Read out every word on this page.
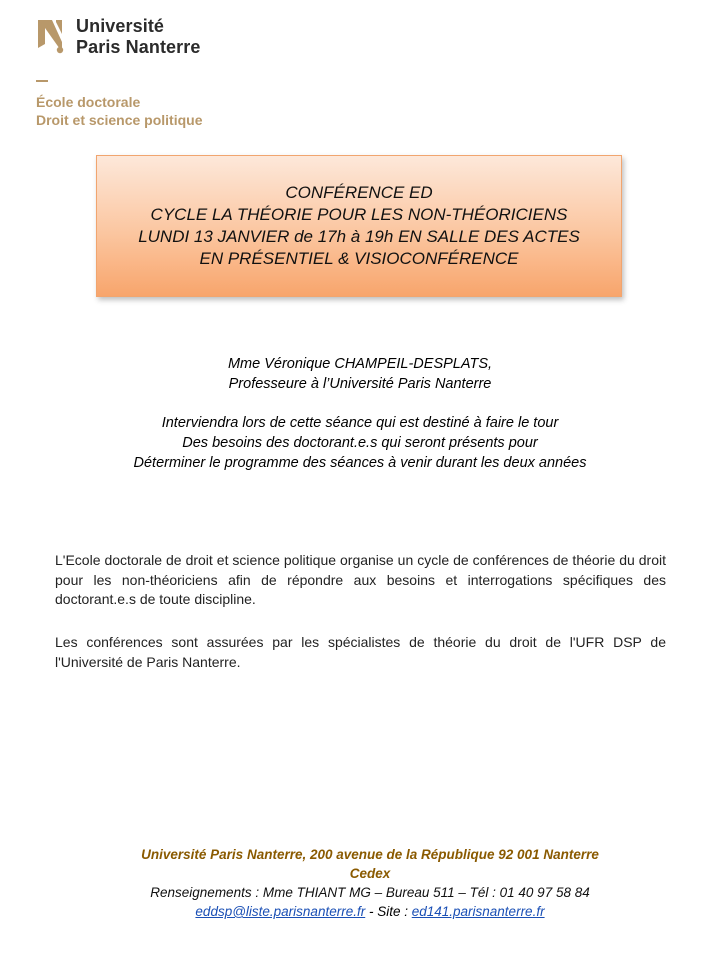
Université
Paris Nanterre
École doctorale
Droit et science politique
CONFÉRENCE ED
CYCLE LA THÉORIE POUR LES NON-THÉORICIENS
LUNDI 13 JANVIER de 17h à 19h EN SALLE DES ACTES
EN PRÉSENTIEL & VISIOCONFÉRENCE
Mme Véronique CHAMPEIL-DESPLATS,
Professeure à l’Université Paris Nanterre
Interviendra lors de cette séance qui est destiné à faire le tour
Des besoins des doctorant.e.s qui seront présents pour
Déterminer le programme des séances à venir durant les deux années
L'Ecole doctorale de droit et science politique organise un cycle de conférences de théorie du droit pour les non-théoriciens afin de répondre aux besoins et interrogations spécifiques des doctorant.e.s de toute discipline.
Les conférences sont assurées par les spécialistes de théorie du droit de l'UFR DSP de l'Université de Paris Nanterre.
Université Paris Nanterre, 200 avenue de la République 92 001 Nanterre
Cedex
Renseignements : Mme THIANT MG – Bureau 511 – Tél : 01 40 97 58 84
eddsp@liste.parisnanterre.fr - Site : ed141.parisnanterre.fr
